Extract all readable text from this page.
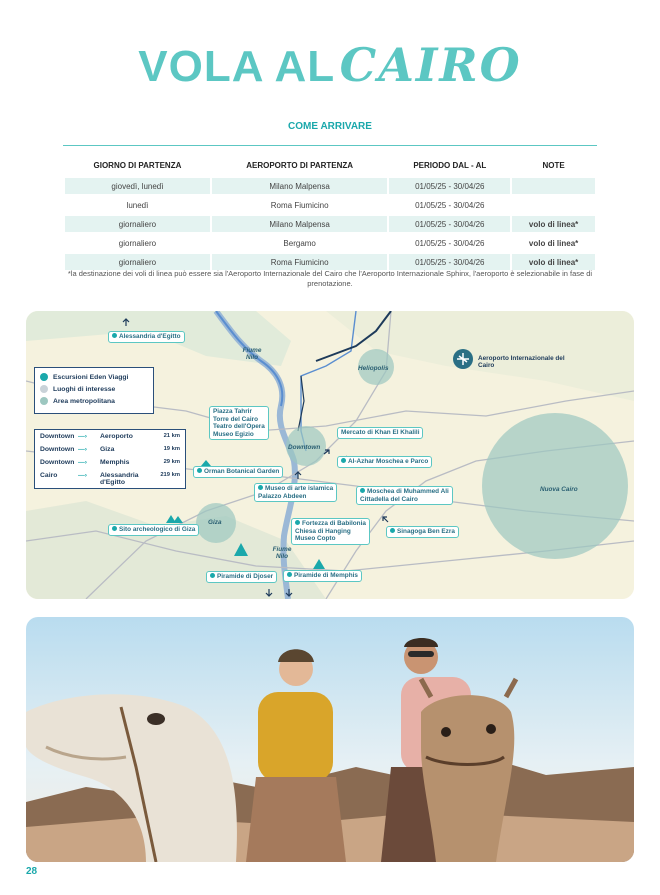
VOLA AL CAIRO
COME ARRIVARE
GIORNO DI PARTENZA	AEROPORTO DI PARTENZA	PERIODO DAL - AL	NOTE
giovedì, lunedì	Milano Malpensa	01/05/25 - 30/04/26	
lunedì	Roma Fiumicino	01/05/25 - 30/04/26	
giornaliero	Milano Malpensa	01/05/25 - 30/04/26	volo di linea*
giornaliero	Bergamo	01/05/25 - 30/04/26	volo di linea*
giornaliero	Roma Fiumicino	01/05/25 - 30/04/26	volo di linea*
*la destinazione dei voli di linea può essere sia l'Aeroporto Internazionale del Cairo che l'Aeroporto Internazionale Sphinx, l'aeroporto è selezionabile in fase di prenotazione.
Escursioni Eden Viaggi
Luoghi di interesse
Area metropolitana
Downtown —›	Aeroporto	21 km
Downtown —›	Giza	19 km
Downtown —›	Memphis	29 km
Cairo	—›	Alessandria d'Egitto
219 km
Heliopolis
Downtown
Giza
Nuova Cairo
Fiume Nilo
Fiume Nilo
Aeroporto Internazionale del Cairo
Alessandria d'Egitto
Piazza Tahrir
Torre del Cairo
Teatro dell'Opera
Museo Egizio	Mercato di Khan El Khalili
Al-Azhar Moschea e Parco
Orman Botanical Garden
Museo di arte islamica
Palazzo Abdeen
Moschea di Muhammed Ali
Cittadella del Cairo
Sito archeologico di Giza
Fortezza di Babilonia
Chiesa di Hanging
Museo Copto
Sinagoga Ben Ezra
Piramide di Djoser	Piramide di Memphis
28
